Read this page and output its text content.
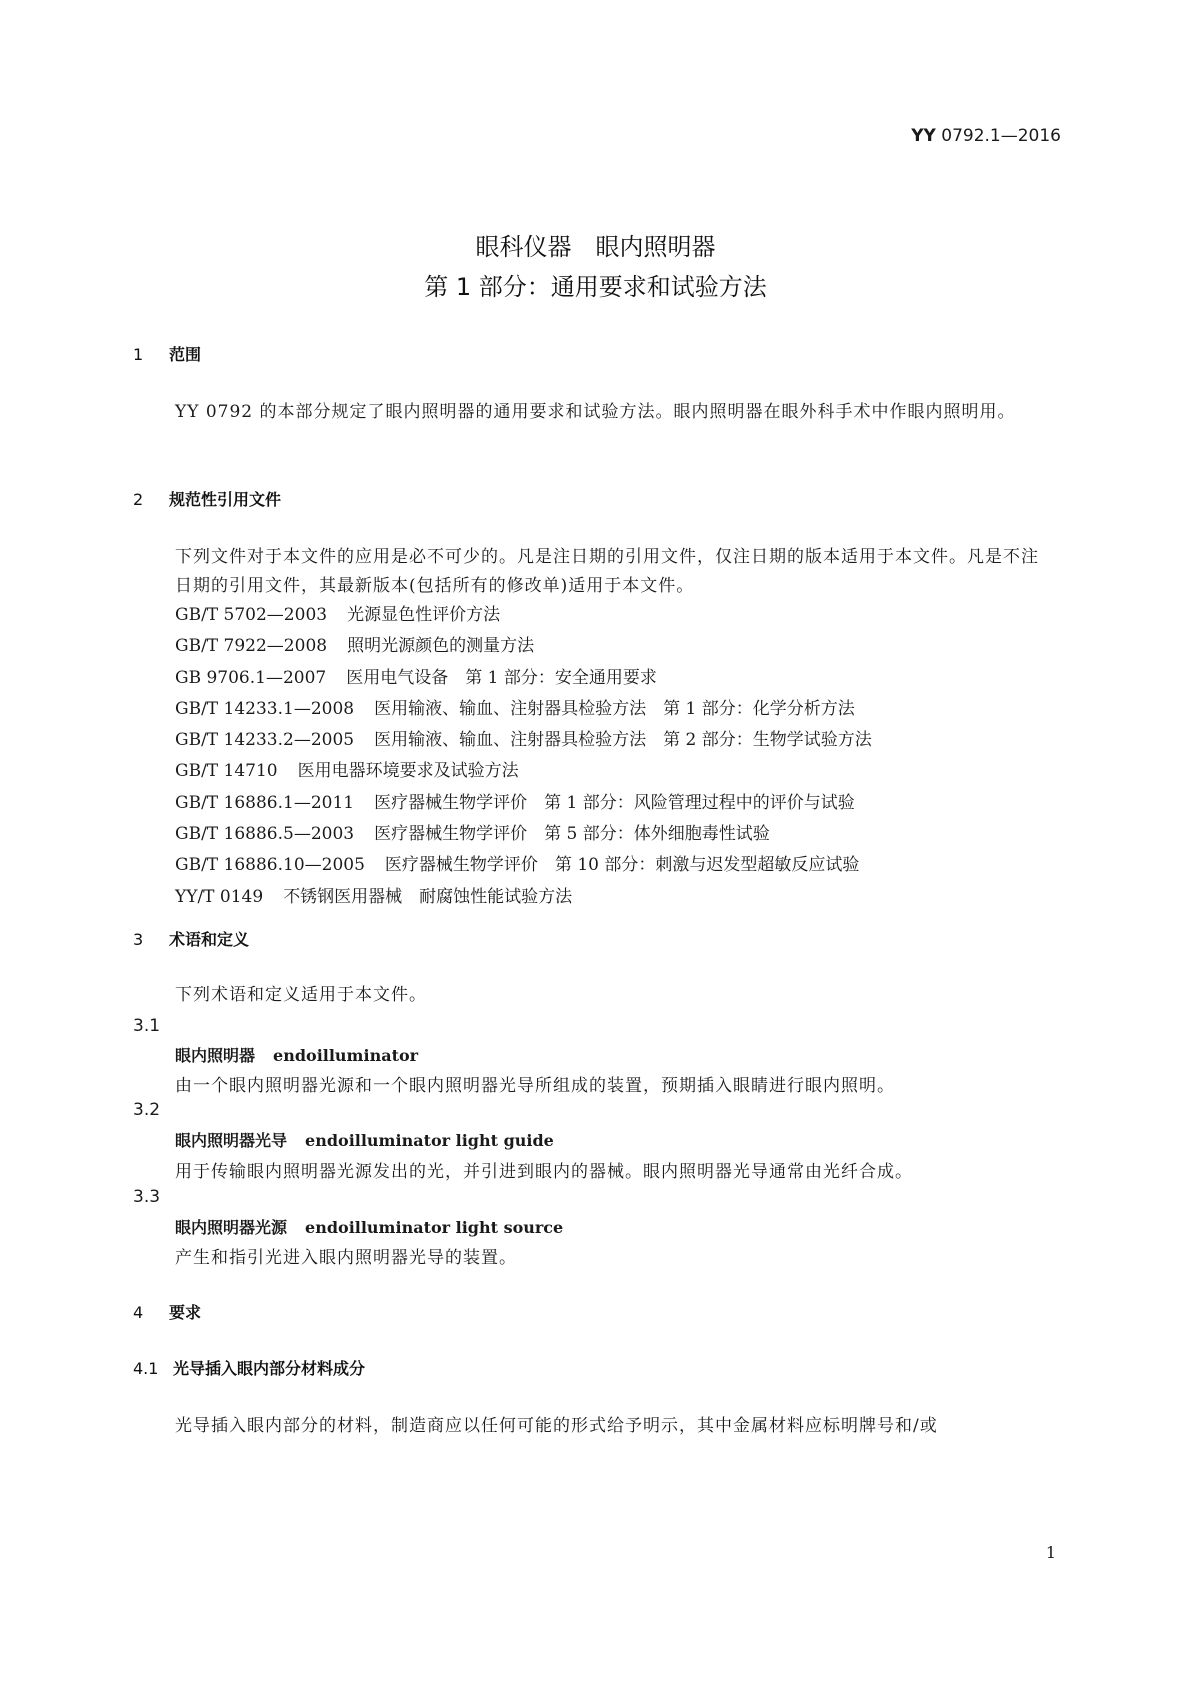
YY 0792.1—2016
眼科仪器　眼内照明器
第 1 部分：通用要求和试验方法
1 范围
YY 0792 的本部分规定了眼内照明器的通用要求和试验方法。眼内照明器在眼外科手术中作眼内照明用。
2 规范性引用文件
下列文件对于本文件的应用是必不可少的。凡是注日期的引用文件，仅注日期的版本适用于本文件。凡是不注日期的引用文件，其最新版本(包括所有的修改单)适用于本文件。
GB/T 5702—2003 光源显色性评价方法
GB/T 7922—2008 照明光源颜色的测量方法
GB 9706.1—2007 医用电气设备　第 1 部分：安全通用要求
GB/T 14233.1—2008 医用输液、输血、注射器具检验方法　第 1 部分：化学分析方法
GB/T 14233.2—2005 医用输液、输血、注射器具检验方法　第 2 部分：生物学试验方法
GB/T 14710 医用电器环境要求及试验方法
GB/T 16886.1—2011 医疗器械生物学评价　第 1 部分：风险管理过程中的评价与试验
GB/T 16886.5—2003 医疗器械生物学评价　第 5 部分：体外细胞毒性试验
GB/T 16886.10—2005 医疗器械生物学评价　第 10 部分：刺激与迟发型超敏反应试验
YY/T 0149 不锈钢医用器械　耐腐蚀性能试验方法
3 术语和定义
下列术语和定义适用于本文件。
3.1
眼内照明器 endoilluminator
由一个眼内照明器光源和一个眼内照明器光导所组成的装置，预期插入眼睛进行眼内照明。
3.2
眼内照明器光导 endoilluminator light guide
用于传输眼内照明器光源发出的光，并引进到眼内的器械。眼内照明器光导通常由光纤合成。
3.3
眼内照明器光源 endoilluminator light source
产生和指引光进入眼内照明器光导的装置。
4 要求
4.1 光导插入眼内部分材料成分
光导插入眼内部分的材料，制造商应以任何可能的形式给予明示，其中金属材料应标明牌号和/或
1
